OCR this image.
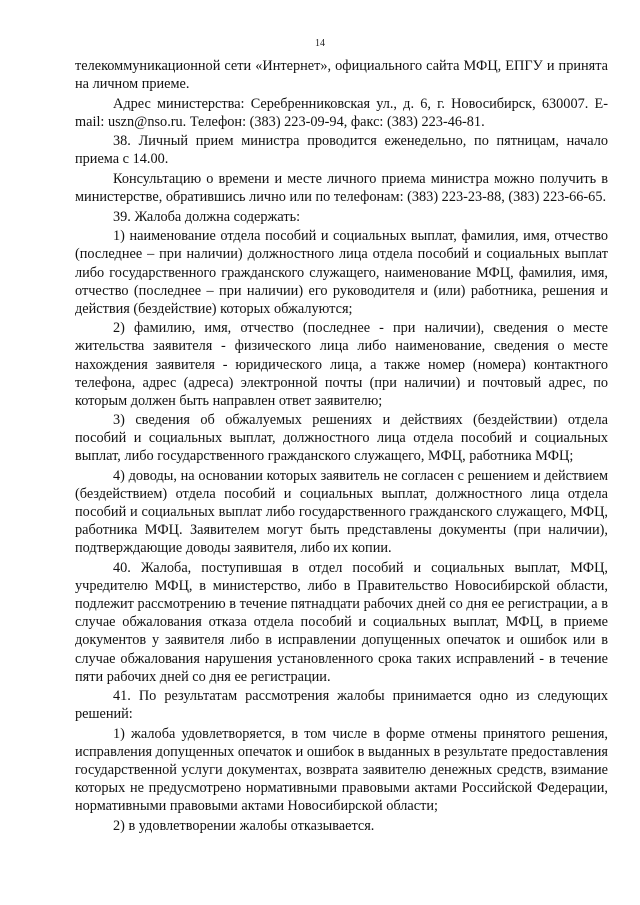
14

телекоммуникационной сети «Интернет», официального сайта МФЦ, ЕПГУ и принята на личном приеме.

Адрес министерства: Серебренниковская ул., д. 6, г. Новосибирск, 630007. E-mail: uszn@nso.ru. Телефон: (383) 223-09-94, факс: (383) 223-46-81.

38. Личный прием министра проводится еженедельно, по пятницам, начало приема с 14.00.

Консультацию о времени и месте личного приема министра можно получить в министерстве, обратившись лично или по телефонам: (383) 223-23-88, (383) 223-66-65.

39. Жалоба должна содержать:

1) наименование отдела пособий и социальных выплат, фамилия, имя, отчество (последнее – при наличии) должностного лица отдела пособий и социальных выплат либо государственного гражданского служащего, наименование МФЦ, фамилия, имя, отчество (последнее – при наличии) его руководителя и (или) работника, решения и действия (бездействие) которых обжалуются;

2) фамилию, имя, отчество (последнее - при наличии), сведения о месте жительства заявителя - физического лица либо наименование, сведения о месте нахождения заявителя - юридического лица, а также номер (номера) контактного телефона, адрес (адреса) электронной почты (при наличии) и почтовый адрес, по которым должен быть направлен ответ заявителю;

3) сведения об обжалуемых решениях и действиях (бездействии) отдела пособий и социальных выплат, должностного лица отдела пособий и социальных выплат, либо государственного гражданского служащего, МФЦ, работника МФЦ;

4) доводы, на основании которых заявитель не согласен с решением и действием (бездействием) отдела пособий и социальных выплат, должностного лица отдела пособий и социальных выплат либо государственного гражданского служащего, МФЦ, работника МФЦ. Заявителем могут быть представлены документы (при наличии), подтверждающие доводы заявителя, либо их копии.

40. Жалоба, поступившая в отдел пособий и социальных выплат, МФЦ, учредителю МФЦ, в министерство, либо в Правительство Новосибирской области, подлежит рассмотрению в течение пятнадцати рабочих дней со дня ее регистрации, а в случае обжалования отказа отдела пособий и социальных выплат, МФЦ, в приеме документов у заявителя либо в исправлении допущенных опечаток и ошибок или в случае обжалования нарушения установленного срока таких исправлений - в течение пяти рабочих дней со дня ее регистрации.

41. По результатам рассмотрения жалобы принимается одно из следующих решений:

1) жалоба удовлетворяется, в том числе в форме отмены принятого решения, исправления допущенных опечаток и ошибок в выданных в результате предоставления государственной услуги документах, возврата заявителю денежных средств, взимание которых не предусмотрено нормативными правовыми актами Российской Федерации, нормативными правовыми актами Новосибирской области;

2) в удовлетворении жалобы отказывается.
